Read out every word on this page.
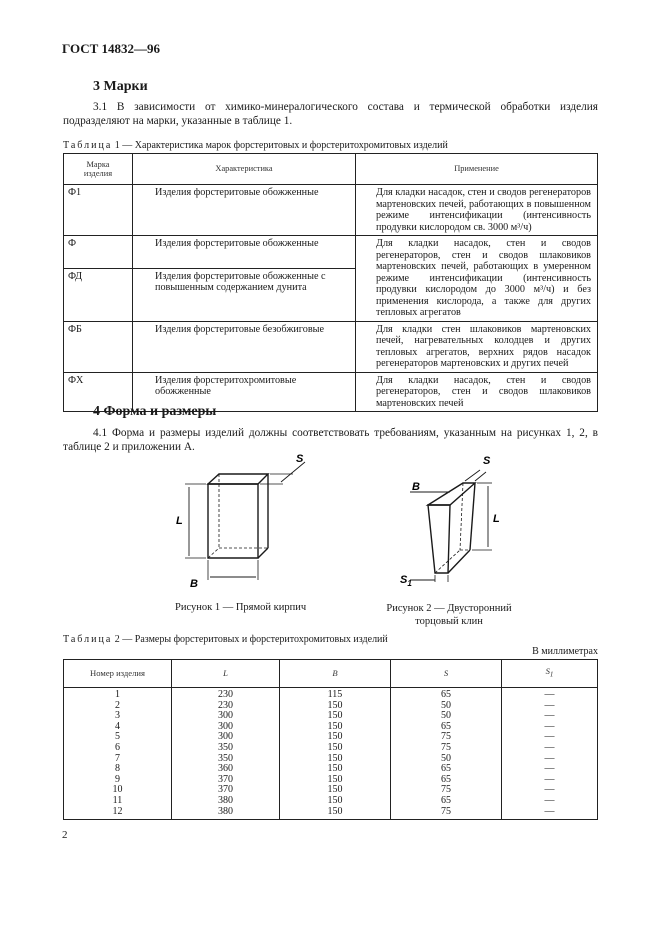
ГОСТ 14832—96
3 Марки
3.1 В зависимости от химико-минералогического состава и термической обработки изделия подразделяют на марки, указанные в таблице 1.
Таблица 1 — Характеристика марок форстеритовых и форстеритохромитовых изделий
Марка
изделия	Характеристика	Применение
Ф1	Изделия форстеритовые обожженные	Для кладки насадок, стен и сводов регенераторов мартеновских печей, работающих в повышенном режиме интенсификации (интенсивность продувки кислородом св. 3000 м³/ч)
Ф	Изделия форстеритовые обожженные	Для кладки насадок, стен и сводов регенераторов, стен и сводов шлаковиков мартеновских печей, работающих в умеренном режиме интенсификации (интенсивность продувки кислородом до 3000 м³/ч) и без применения кислорода, а также для других тепловых агрегатов
ФД	Изделия форстеритовые обожженные с повышенным содержанием дунита	
ФБ	Изделия форстеритовые безобжиговые	Для кладки стен шлаковиков мартеновских печей, нагревательных колодцев и других тепловых агрегатов, верхних рядов насадок регенераторов мартеновских и других печей
ФХ	Изделия форстеритохромитовые обожженные	Для кладки насадок, стен и сводов регенераторов, стен и сводов шлаковиков мартеновских печей
4 Форма и размеры
4.1 Форма и размеры изделий должны соответствовать требованиям, указанным на рисунках 1, 2, в таблице 2 и приложении А.
L
B
S
B
S
L
$S_1$
Рисунок 1 — Прямой кирпич	Рисунок 2 — Двусторонний
торцовый клин
Таблица 2 — Размеры форстеритовых и форстеритохромитовых изделий
В миллиметрах
Номер изделия	L	B	S	$S_1$
1	230	115	65	—
2	230	150	50	—
3	300	150	50	—
4	300	150	65	—
5	300	150	75	—
6	350	150	75	—
7	350	150	50	—
8	360	150	65	—
9	370	150	65	—
10	370	150	75	—
11	380	150	65	—
12	380	150	75	—
2
